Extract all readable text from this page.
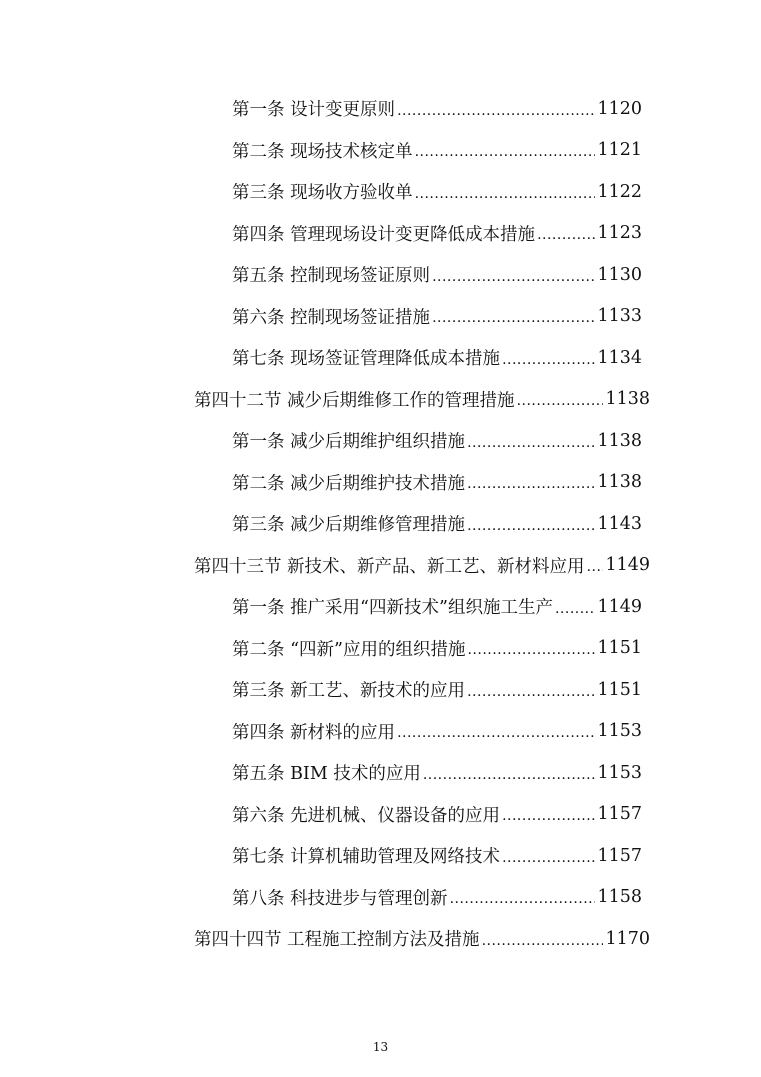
第一条 设计变更原则 .....	1120
第二条 现场技术核定单 .....	1121
第三条 现场收方验收单 .....	1122
第四条 管理现场设计变更降低成本措施 .....	1123
第五条 控制现场签证原则 .....	1130
第六条 控制现场签证措施 .....	1133
第七条 现场签证管理降低成本措施 .....	1134
第四十二节 减少后期维修工作的管理措施 .....	1138
第一条 减少后期维护组织措施 .....	1138
第二条 减少后期维护技术措施 .....	1138
第三条 减少后期维修管理措施 .....	1143
第四十三节 新技术、新产品、新工艺、新材料应用 ..... 1149
第一条 推广采用“四新技术”组织施工生产 .....	1149
第二条 “四新”应用的组织措施 .....	1151
第三条 新工艺、新技术的应用 .....	1151
第四条 新材料的应用 .....	1153
第五条 BIM 技术的应用 .....	1153
第六条 先进机械、仪器设备的应用 .....	1157
第七条 计算机辅助管理及网络技术 .....	1157
第八条 科技进步与管理创新 .....	1158
第四十四节 工程施工控制方法及措施 .....	1170
13
